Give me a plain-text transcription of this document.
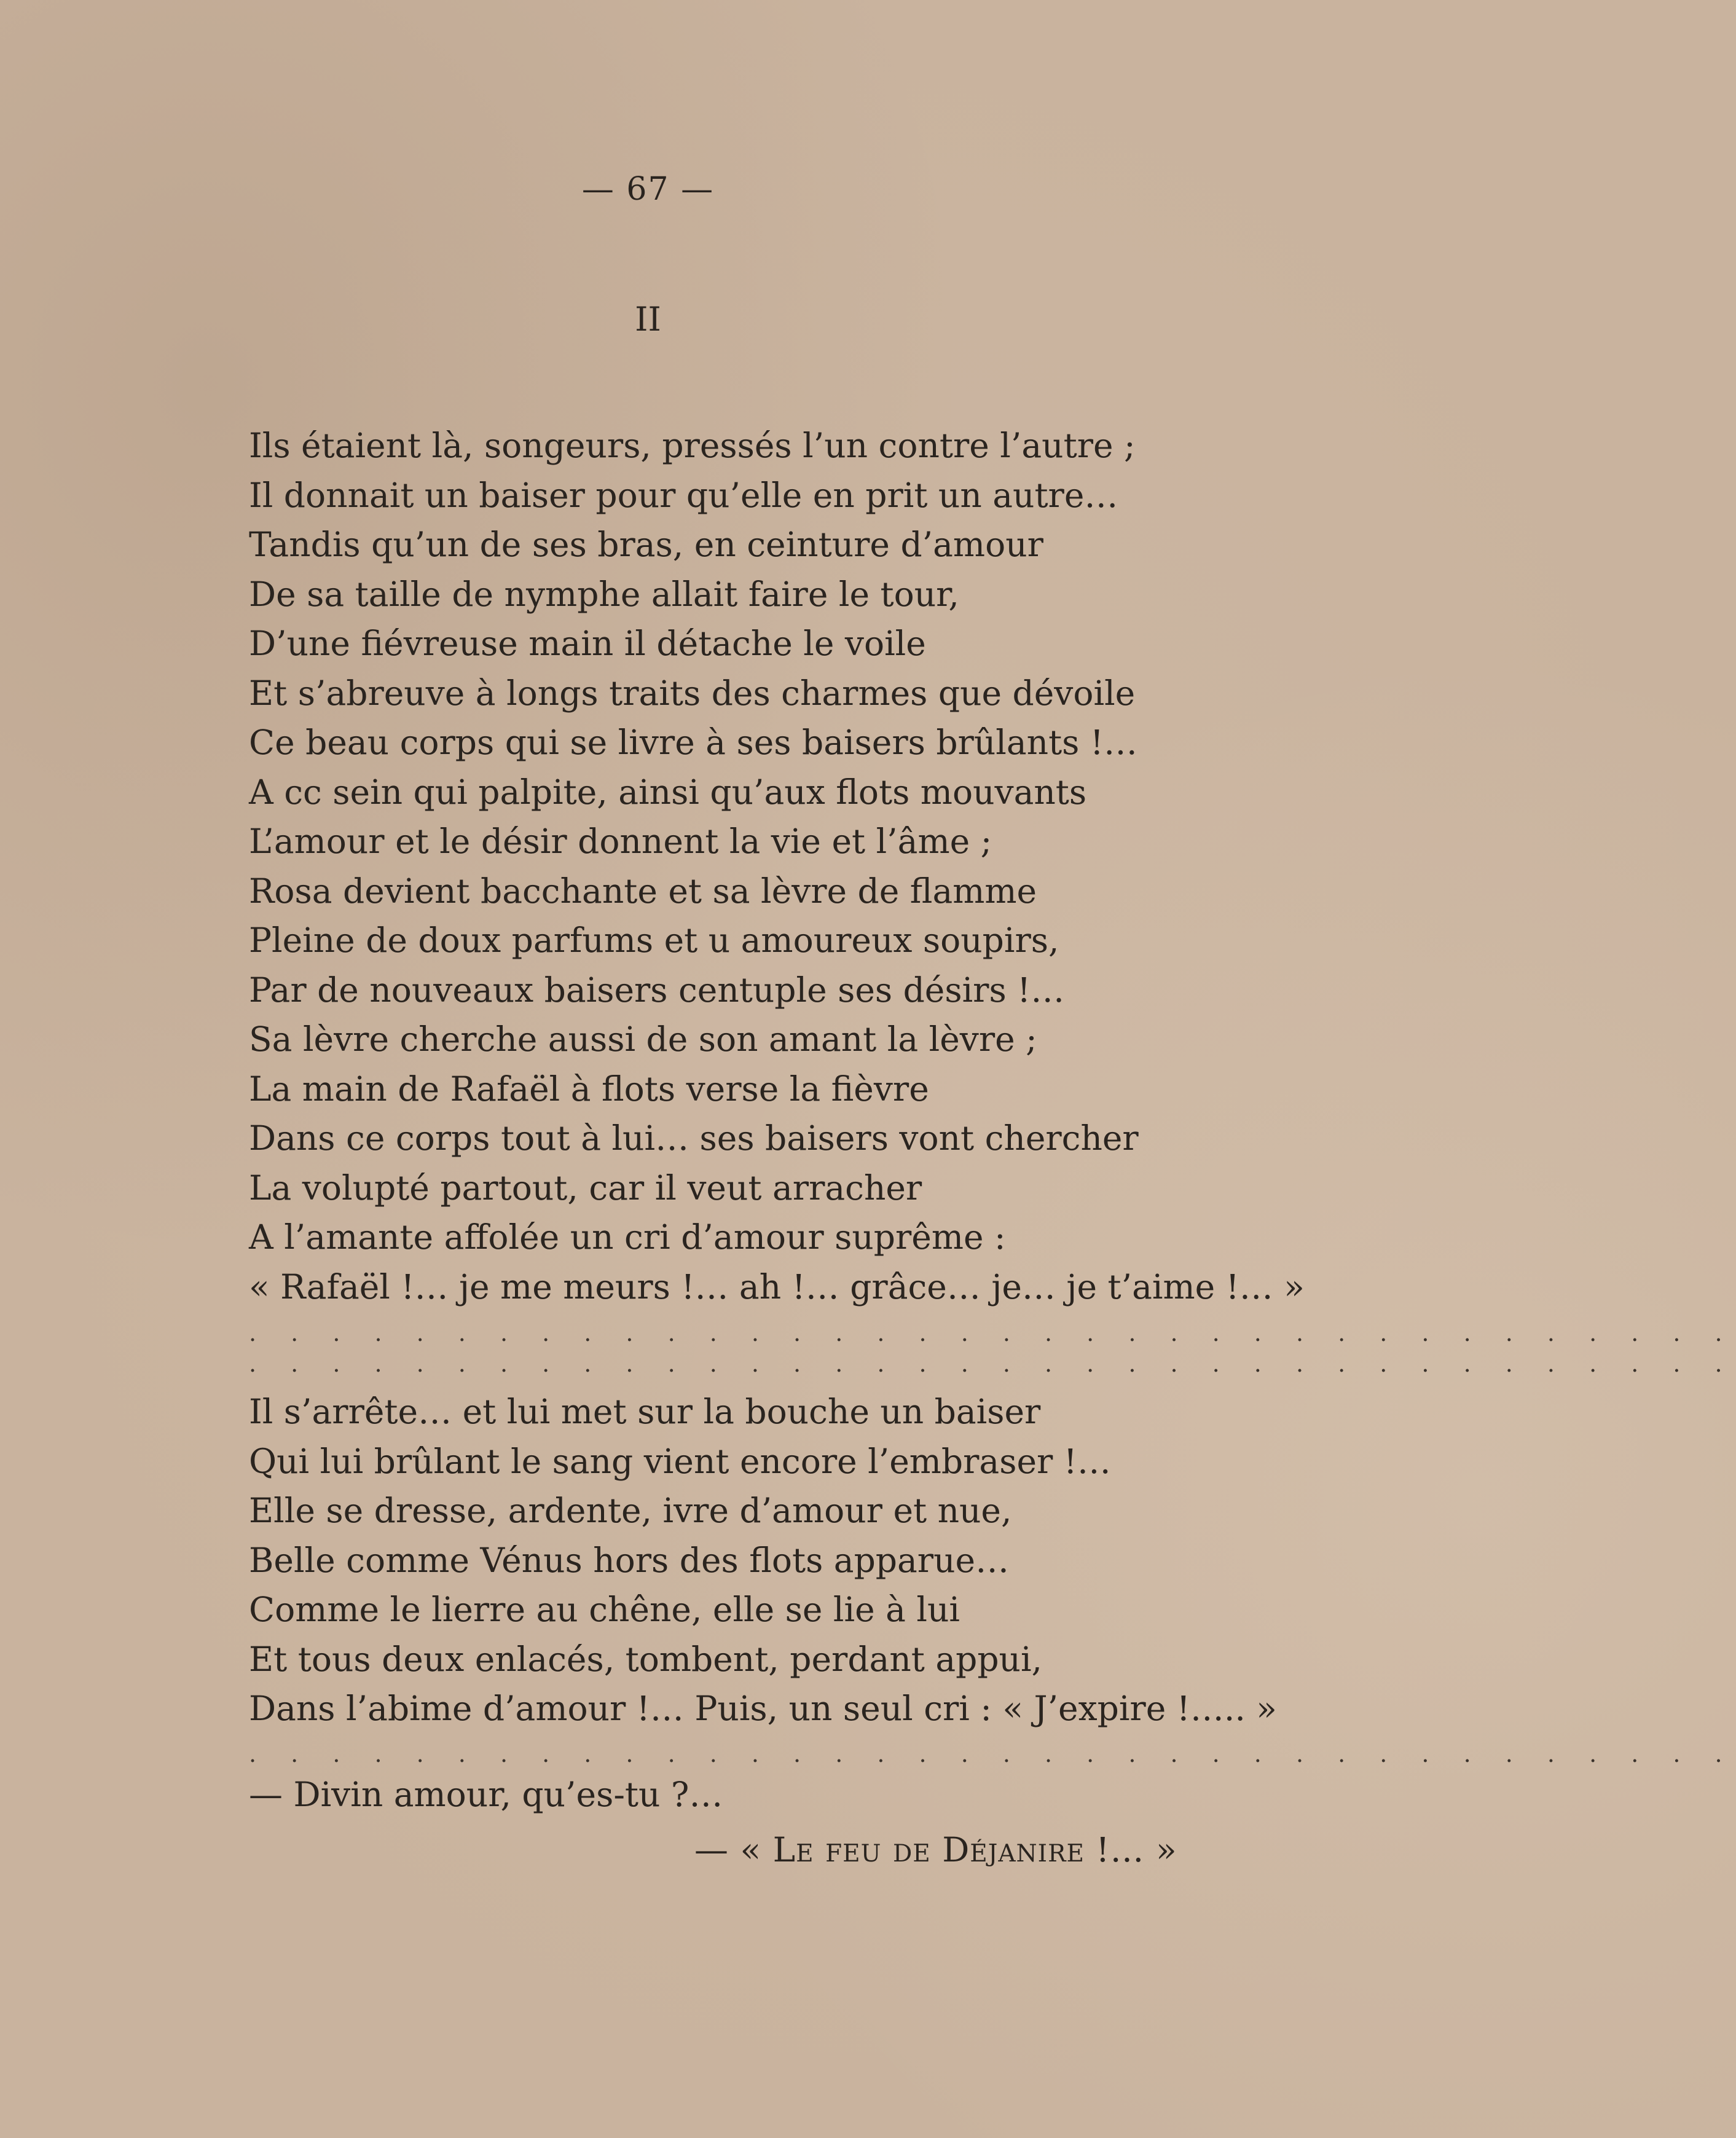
— 67 —
II
Ils étaient là, songeurs, pressés l’un contre l’autre ;
Il donnait un baiser pour qu’elle en prit un autre…
Tandis qu’un de ses bras, en ceinture d’amour
De sa taille de nymphe allait faire le tour,
D’une fiévreuse main il détache le voile
Et s’abreuve à longs traits des charmes que dévoile
Ce beau corps qui se livre à ses baisers brûlants !…
A cc sein qui palpite, ainsi qu’aux flots mouvants
L’amour et le désir donnent la vie et l’âme ;
Rosa devient bacchante et sa lèvre de flamme
Pleine de doux parfums et u amoureux soupirs,
Par de nouveaux baisers centuple ses désirs !…
Sa lèvre cherche aussi de son amant la lèvre ;
La main de Rafaël à flots verse la fièvre
Dans ce corps tout à lui… ses baisers vont chercher
La volupté partout, car il veut arracher
A l’amante affolée un cri d’amour suprême :
« Rafaël !… je me meurs !… ah !… grâce… je… je t’aime !… »
. . . . . . . . . . . . . . . . . . . . . . . . . . . . . . . . . . . .
. . . . . . . . . . . . . . . . . . . . . . . . . . . . . . . . . . . .
Il s’arrête… et lui met sur la bouche un baiser
Qui lui brûlant le sang vient encore l’embraser !…
Elle se dresse, ardente, ivre d’amour et nue,
Belle comme Vénus hors des flots apparue…
Comme le lierre au chêne, elle se lie à lui
Et tous deux enlacés, tombent, perdant appui,
Dans l’abime d’amour !… Puis, un seul cri : « J’expire !….. »
. . . . . . . . . . . . . . . . . . . . . . . . . . . . . . . . . . . .
— Divin amour, qu’es-tu ?…
— « Le feu de Déjanire !… »
